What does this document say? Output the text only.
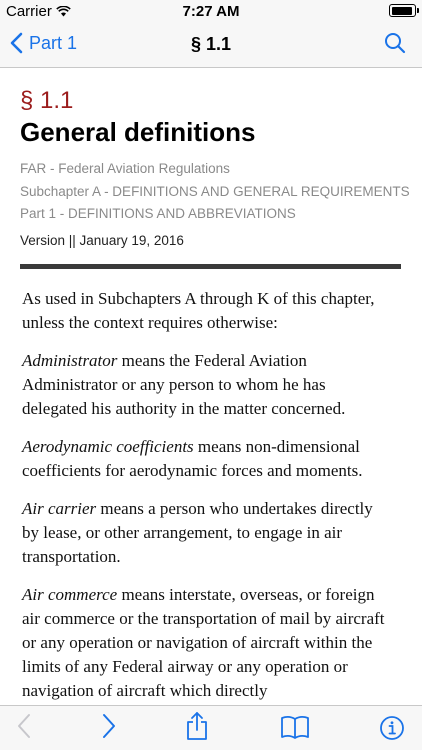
Carrier	7:27 AM
Part 1	§ 1.1
§ 1.1
General definitions
FAR - Federal Aviation Regulations
Subchapter A - DEFINITIONS AND GENERAL REQUIREMENTS
Part 1 - DEFINITIONS AND ABBREVIATIONS
Version || January 19, 2016

As used in Subchapters A through K of this chapter, unless the context requires otherwise:

Administrator means the Federal Aviation Administrator or any person to whom he has delegated his authority in the matter concerned.

Aerodynamic coefficients means non-dimensional coefficients for aerodynamic forces and moments.

Air carrier means a person who undertakes directly by lease, or other arrangement, to engage in air transportation.

Air commerce means interstate, overseas, or foreign air commerce or the transportation of mail by aircraft or any operation or navigation of aircraft within the limits of any Federal airway or any operation or navigation of aircraft which directly
